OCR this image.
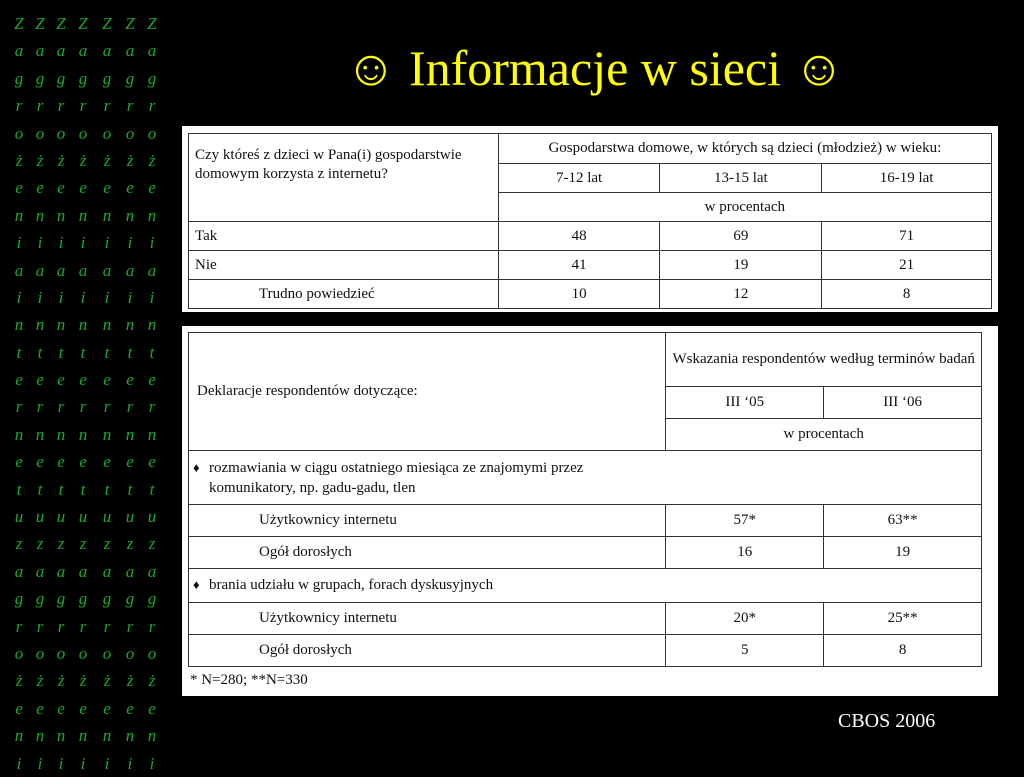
Z
a
g
r
o
ż
e
n
i
a
i
n
t
e
r
n
e
t
u
z
a
g
r
o
ż
e
n
i
Z
a
g
r
o
ż
e
n
i
a
i
n
t
e
r
n
e
t
u
z
a
g
r
o
ż
e
n
i
Z
a
g
r
o
ż
e
n
i
a
i
n
t
e
r
n
e
t
u
z
a
g
r
o
ż
e
n
i
Z
a
g
r
o
ż
e
n
i
a
i
n
t
e
r
n
e
t
u
z
a
g
r
o
ż
e
n
i
Z
a
g
r
o
ż
e
n
i
a
i
n
t
e
r
n
e
t
u
z
a
g
r
o
ż
e
n
i
Z
a
g
r
o
ż
e
n
i
a
i
n
t
e
r
n
e
t
u
z
a
g
r
o
ż
e
n
i
Z
a
g
r
o
ż
e
n
i
a
i
n
t
e
r
n
e
t
u
z
a
g
r
o
ż
e
n
i
☺ Informacje w sieci ☺
Czy któreś z dzieci w Pana(i) gospodarstwie domowym korzysta z internetu?	Gospodarstwa domowe, w których są dzieci (młodzież) w wieku:		
	7-12 lat	13-15 lat	16-19 lat
	w procentach		
Tak	48	69	71
Nie	41	19	21
Trudno powiedzieć	10	12	8
Deklaracje respondentów dotyczące:	Wskazania respondentów według terminów badań	
	III ‘05	III ‘06
	w procentach	
♦ rozmawiania w ciągu ostatniego miesiąca ze znajomymi przez komunikatory, np. gadu-gadu, tlen		
Użytkownicy internetu	57*	63**
Ogół dorosłych	16	19
♦ brania udziału w grupach, forach dyskusyjnych		
Użytkownicy internetu	20*	25**
Ogół dorosłych	5	8
* N=280; **N=330
CBOS 2006
